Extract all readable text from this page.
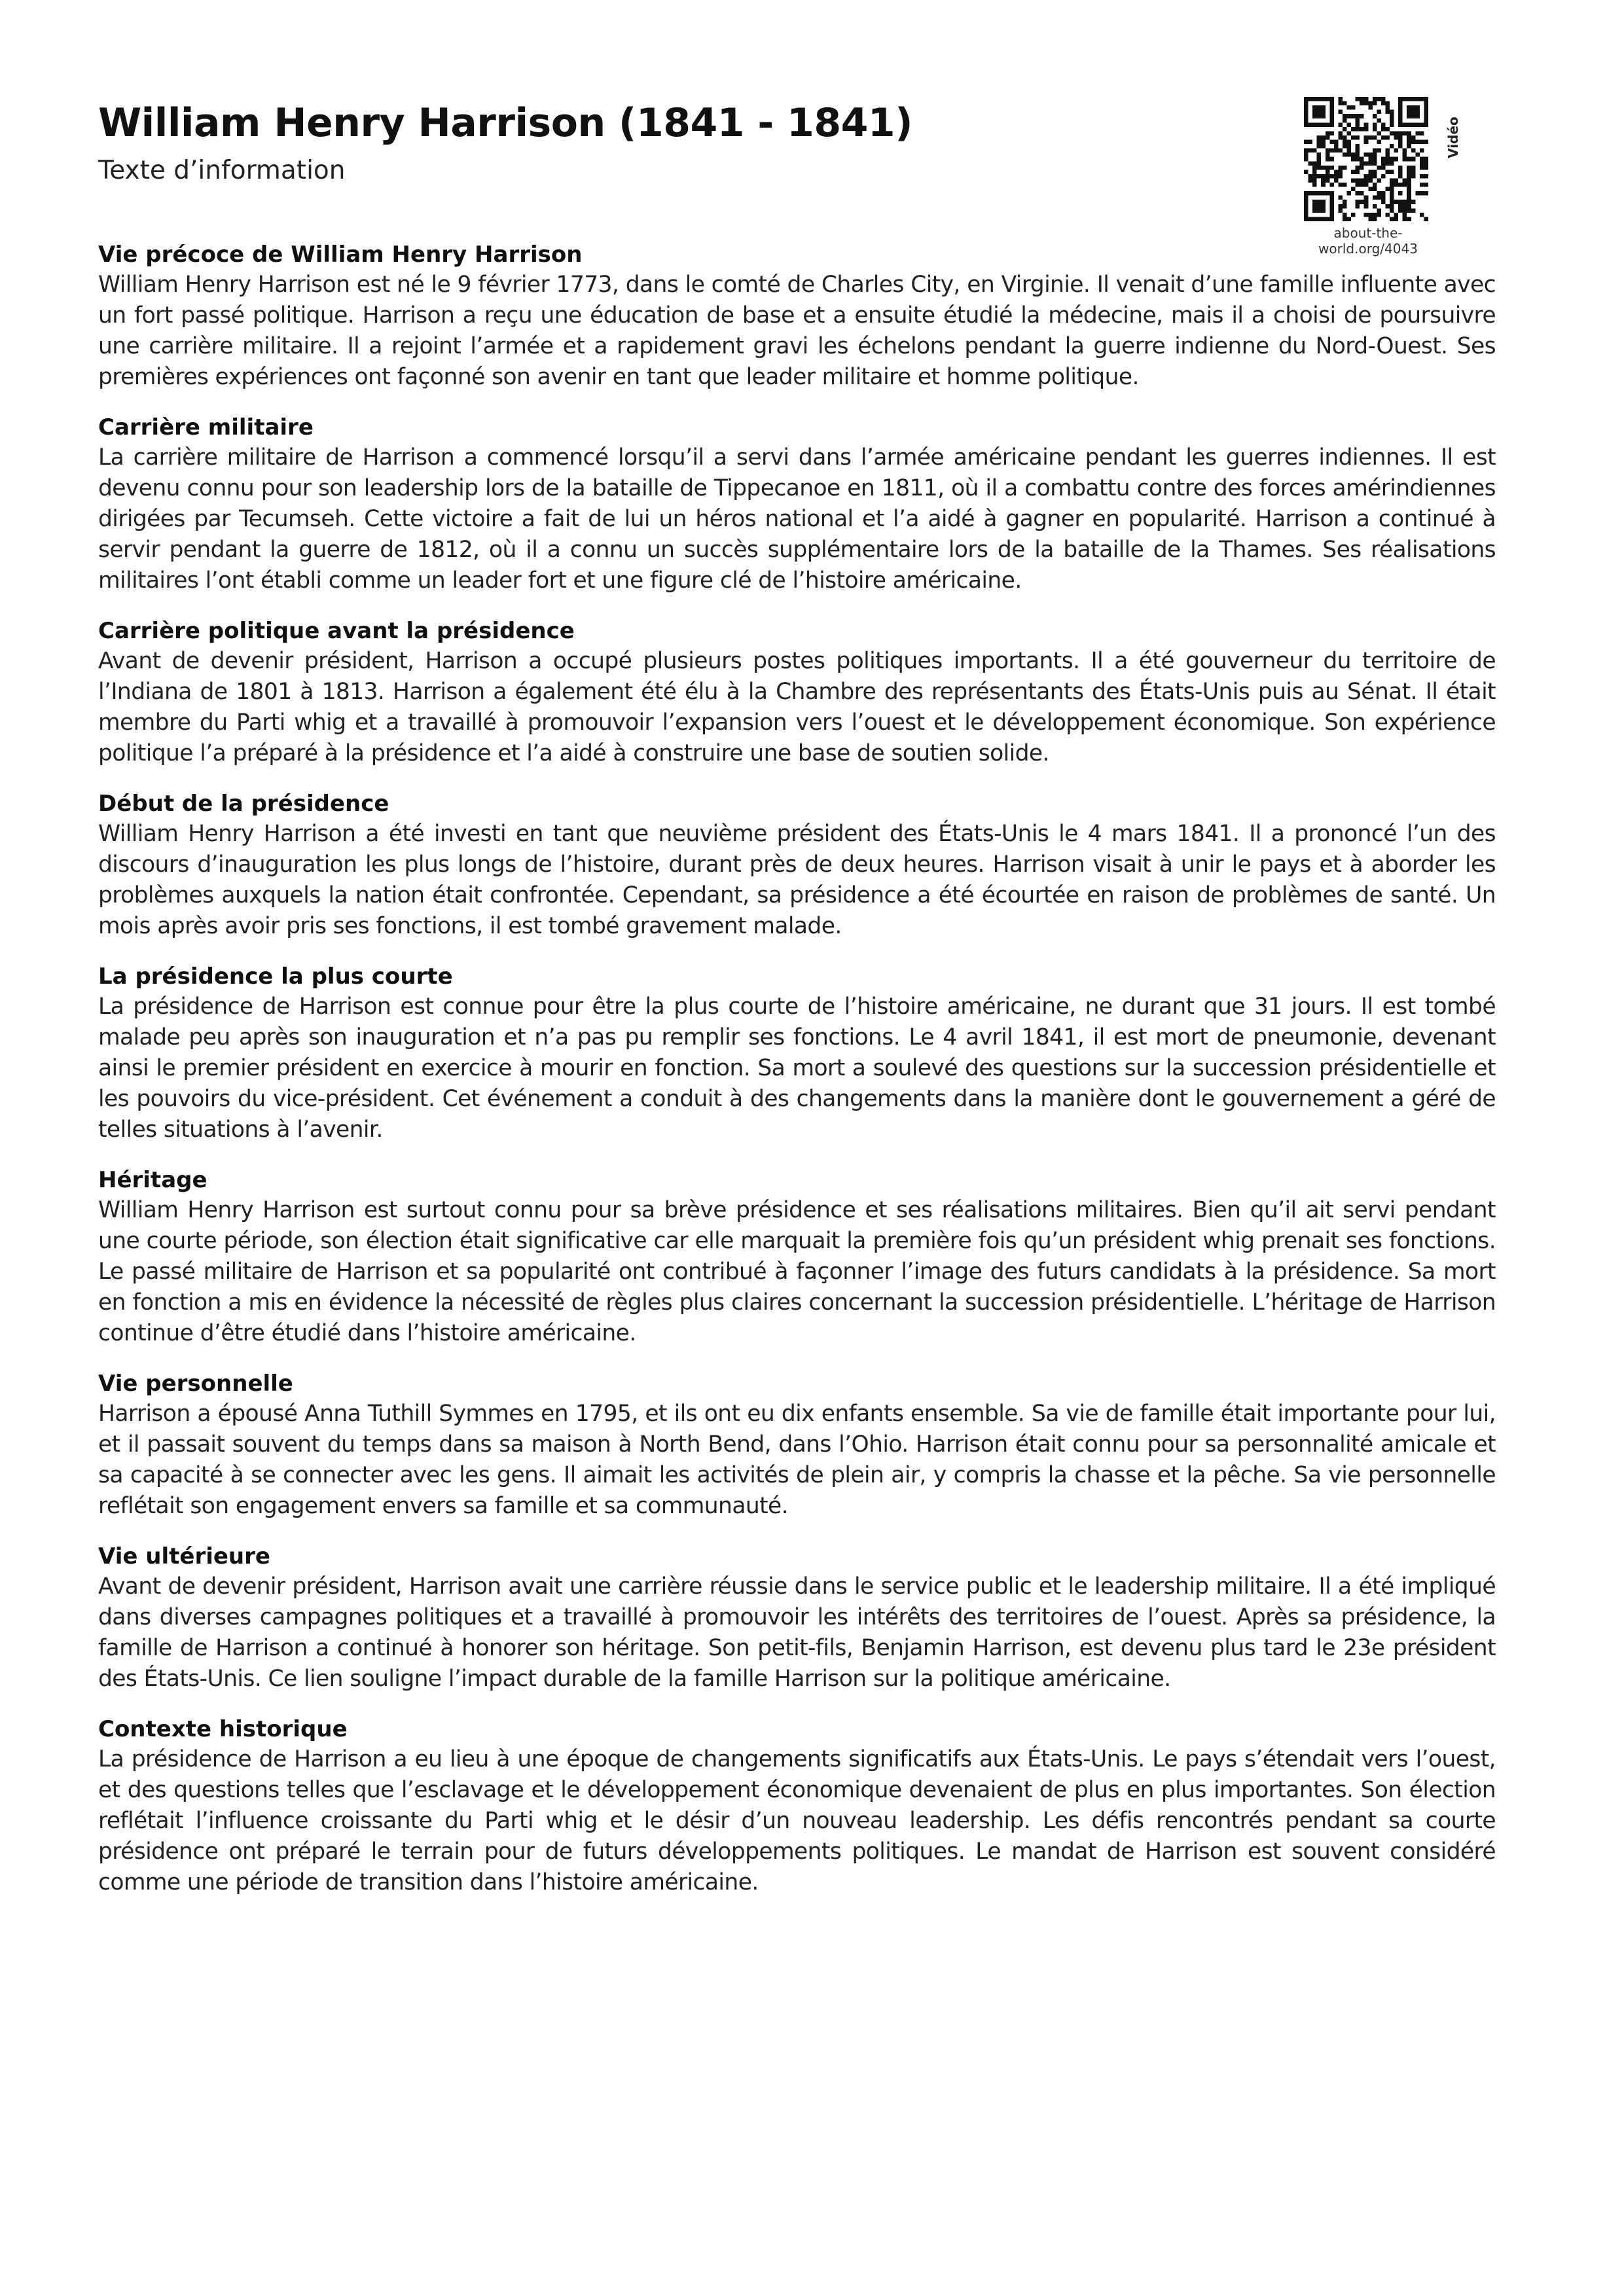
William Henry Harrison (1841 - 1841)
Texte d’information
Vidéo
about-the-world.org/4043
Vie précoce de William Henry Harrison

William Henry Harrison est né le 9 février 1773, dans le comté de Charles City, en Virginie. Il venait d’une famille influente avec un fort passé politique. Harrison a reçu une éducation de base et a ensuite étudié la médecine, mais il a choisi de poursuivre une carrière militaire. Il a rejoint l’armée et a rapidement gravi les échelons pendant la guerre indienne du Nord-Ouest. Ses premières expériences ont façonné son avenir en tant que leader militaire et homme politique.

Carrière militaire

La carrière militaire de Harrison a commencé lorsqu’il a servi dans l’armée américaine pendant les guerres indiennes. Il est devenu connu pour son leadership lors de la bataille de Tippecanoe en 1811, où il a combattu contre des forces amérindiennes dirigées par Tecumseh. Cette victoire a fait de lui un héros national et l’a aidé à gagner en popularité. Harrison a continué à servir pendant la guerre de 1812, où il a connu un succès supplémentaire lors de la bataille de la Thames. Ses réalisations militaires l’ont établi comme un leader fort et une figure clé de l’histoire américaine.

Carrière politique avant la présidence

Avant de devenir président, Harrison a occupé plusieurs postes politiques importants. Il a été gouverneur du territoire de l’Indiana de 1801 à 1813. Harrison a également été élu à la Chambre des représentants des États-Unis puis au Sénat. Il était membre du Parti whig et a travaillé à promouvoir l’expansion vers l’ouest et le développement économique. Son expérience politique l’a préparé à la présidence et l’a aidé à construire une base de soutien solide.

Début de la présidence

William Henry Harrison a été investi en tant que neuvième président des États-Unis le 4 mars 1841. Il a prononcé l’un des discours d’inauguration les plus longs de l’histoire, durant près de deux heures. Harrison visait à unir le pays et à aborder les problèmes auxquels la nation était confrontée. Cependant, sa présidence a été écourtée en raison de problèmes de santé. Un mois après avoir pris ses fonctions, il est tombé gravement malade.

La présidence la plus courte

La présidence de Harrison est connue pour être la plus courte de l’histoire américaine, ne durant que 31 jours. Il est tombé malade peu après son inauguration et n’a pas pu remplir ses fonctions. Le 4 avril 1841, il est mort de pneumonie, devenant ainsi le premier président en exercice à mourir en fonction. Sa mort a soulevé des questions sur la succession présidentielle et les pouvoirs du vice-président. Cet événement a conduit à des changements dans la manière dont le gouvernement a géré de telles situations à l’avenir.

Héritage

William Henry Harrison est surtout connu pour sa brève présidence et ses réalisations militaires. Bien qu’il ait servi pendant une courte période, son élection était significative car elle marquait la première fois qu’un président whig prenait ses fonctions. Le passé militaire de Harrison et sa popularité ont contribué à façonner l’image des futurs candidats à la présidence. Sa mort en fonction a mis en évidence la nécessité de règles plus claires concernant la succession présidentielle. L’héritage de Harrison continue d’être étudié dans l’histoire américaine.

Vie personnelle

Harrison a épousé Anna Tuthill Symmes en 1795, et ils ont eu dix enfants ensemble. Sa vie de famille était importante pour lui, et il passait souvent du temps dans sa maison à North Bend, dans l’Ohio. Harrison était connu pour sa personnalité amicale et sa capacité à se connecter avec les gens. Il aimait les activités de plein air, y compris la chasse et la pêche. Sa vie personnelle reflétait son engagement envers sa famille et sa communauté.

Vie ultérieure

Avant de devenir président, Harrison avait une carrière réussie dans le service public et le leadership militaire. Il a été impliqué dans diverses campagnes politiques et a travaillé à promouvoir les intérêts des territoires de l’ouest. Après sa présidence, la famille de Harrison a continué à honorer son héritage. Son petit-fils, Benjamin Harrison, est devenu plus tard le 23e président des États-Unis. Ce lien souligne l’impact durable de la famille Harrison sur la politique américaine.

Contexte historique

La présidence de Harrison a eu lieu à une époque de changements significatifs aux États-Unis. Le pays s’étendait vers l’ouest, et des questions telles que l’esclavage et le développement économique devenaient de plus en plus importantes. Son élection reflétait l’influence croissante du Parti whig et le désir d’un nouveau leadership. Les défis rencontrés pendant sa courte présidence ont préparé le terrain pour de futurs développements politiques. Le mandat de Harrison est souvent considéré comme une période de transition dans l’histoire américaine.
